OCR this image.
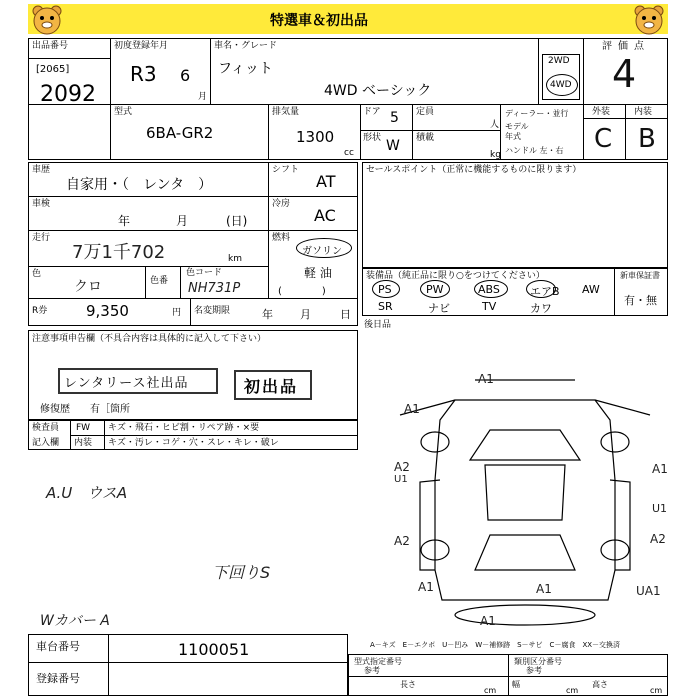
特選車＆初出品
出品番号
[2065]
2092
初度登録年月
R3 6
月
車名・グレード
フィット
4WD ベーシック
2WD
4WD
評価点
4
外装	内装
C B
型式
6BA-GR2
排気量
1300
cc
ドア 5
形状 W
定員
人
積載
kg
ディーラー・並行
モデル
年式
ハンドル 左・右
車歴
自家用・（　レンタ　）
シフト
AT
車検
年	月	(日)
冷房
AC
走行
7万1千702	km
燃料
ガソリン
軽 油
(　　　　)
色
クロ	色番
色コード
NH731P
R券	9,350	円 名変期限	年 月	日
セールスポイント（正常に機能するものに限ります）
装備品（純正品に限り○をつけてください）	新車保証書
有・無
PS	PW	ABS	エアB AW
SR	ナビ	TV	カワ
後日品
注意事項申告欄（不具合内容は具体的に記入して下さい）
レンタリース社出品	初出品
修復歴　　有［箇所
検査員
記入欄
FW キズ・飛石・ヒビ割・リペア跡・×要
内装 キズ・汚レ・コゲ・穴・スレ・キレ・破レ
A.U　ウスA
下回りS
Wカバー A
A1
A1
A2
U1
A1
A2
U1
A2
A1
A1
UA1
A1
A－キズ　E－エクボ　U－凹み　W－補修跡　S－サビ　C－腐食　XX－交換済
車台番号	1100051
登録番号
型式指定番号
参考
類別区分番号
参考
長さ
cm
幅
cm
高さ
cm
